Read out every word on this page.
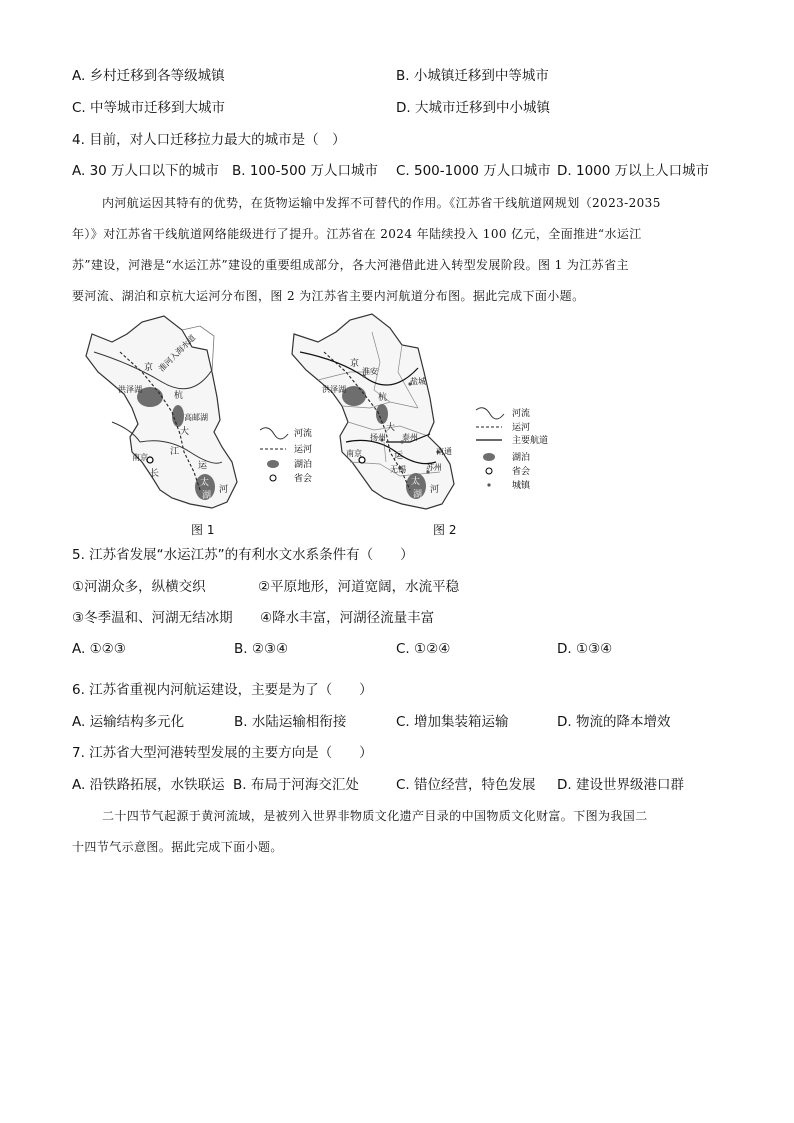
A. 乡村迁移到各等级城镇	B. 小城镇迁移到中等城市
C. 中等城市迁移到大城市	D. 大城市迁移到中小城镇
4. 目前，对人口迁移拉力最大的城市是（　）
A. 30 万人口以下的城市 B. 100-500 万人口城市 C. 500-1000 万人口城市 D. 1000 万以上人口城市
内河航运因其特有的优势，在货物运输中发挥不可替代的作用。《江苏省干线航道网规划（2023-2035
年）》对江苏省干线航道网络能级进行了提升。江苏省在 2024 年陆续投入 100 亿元，全面推进“水运江
苏”建设，河港是“水运江苏”建设的重要组成部分，各大河港借此进入转型发展阶段。图 1 为江苏省主
要河流、湖泊和京杭大运河分布图，图 2 为江苏省主要内河航道分布图。据此完成下面小题。
京 淮河入海水道
洪泽湖
杭
高邮湖
大
江
南京
长
运
太
湖
河
河流
运河
湖泊
省会
图 1
京
淮安
盐城
洪泽湖
杭
大
扬州 泰州
南通
南京	运
无锡	苏州
太
湖 河
河流
运河
主要航道
湖泊
省会
城镇
图 2
5. 江苏省发展“水运江苏”的有利水文水系条件有（　　）
①河湖众多，纵横交织	②平原地形，河道宽阔，水流平稳
③冬季温和、河湖无结冰期 ④降水丰富，河湖径流量丰富
A. ①②③	B. ②③④	C. ①②④	D. ①③④
6. 江苏省重视内河航运建设，主要是为了（　　）
A. 运输结构多元化	B. 水陆运输相衔接	C. 增加集装箱运输	D. 物流的降本增效
7. 江苏省大型河港转型发展的主要方向是（　　）
A. 沿铁路拓展，水铁联运 B. 布局于河海交汇处	C. 错位经营，特色发展 D. 建设世界级港口群
二十四节气起源于黄河流域，是被列入世界非物质文化遗产目录的中国物质文化财富。下图为我国二
十四节气示意图。据此完成下面小题。
